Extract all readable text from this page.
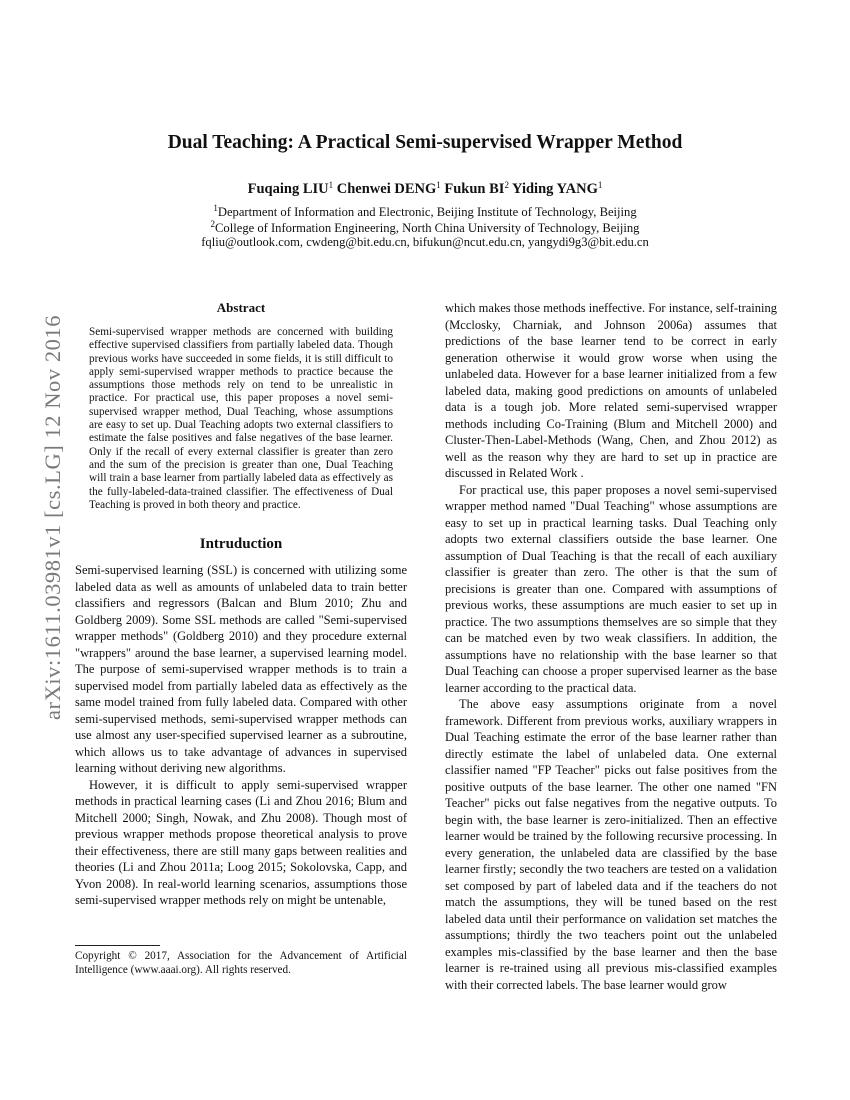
arXiv:1611.03981v1 [cs.LG] 12 Nov 2016
Dual Teaching: A Practical Semi-supervised Wrapper Method
Fuqaing LIU$^1$ Chenwei DENG$^1$ Fukun $BI^2$ Yiding YANG$^1$
$^1$Department of Information and Electronic, Beijing Institute of Technology, Beijing
$^2$College of Information Engineering, North China University of Technology, Beijing
fqliu@outlook.com, cwdeng@bit.edu.cn, bifukun@ncut.edu.cn, yangydi9g3@bit.edu.cn
Abstract

Semi-supervised wrapper methods are concerned with building effective supervised classifiers from partially labeled data. Though previous works have succeeded in some fields, it is still difficult to apply semi-supervised wrapper methods to practice because the assumptions those methods rely on tend to be unrealistic in practice. For practical use, this paper proposes a novel semi-supervised wrapper method, Dual Teaching, whose assumptions are easy to set up. Dual Teaching adopts two external classifiers to estimate the false positives and false negatives of the base learner. Only if the recall of every external classifier is greater than zero and the sum of the precision is greater than one, Dual Teaching will train a base learner from partially labeled data as effectively as the fully-labeled-data-trained classifier. The effectiveness of Dual Teaching is proved in both theory and practice.

Intruduction

Semi-supervised learning (SSL) is concerned with utilizing some labeled data as well as amounts of unlabeled data to train better classifiers and regressors (Balcan and Blum 2010; Zhu and Goldberg 2009). Some SSL methods are called "Semi-supervised wrapper methods" (Goldberg 2010) and they procedure external "wrappers" around the base learner, a supervised learning model. The purpose of semi-supervised wrapper methods is to train a supervised model from partially labeled data as effectively as the same model trained from fully labeled data. Compared with other semi-supervised methods, semi-supervised wrapper methods can use almost any user-specified supervised learner as a subroutine, which allows us to take advantage of advances in supervised learning without deriving new algorithms.

However, it is difficult to apply semi-supervised wrapper methods in practical learning cases (Li and Zhou 2016; Blum and Mitchell 2000; Singh, Nowak, and Zhu 2008). Though most of previous wrapper methods propose theoretical analysis to prove their effectiveness, there are still many gaps between realities and theories (Li and Zhou 2011a; Loog 2015; Sokolovska, Capp, and Yvon 2008). In real-world learning scenarios, assumptions those semi-supervised wrapper methods rely on might be untenable,

which makes those methods ineffective. For instance, self-training (Mcclosky, Charniak, and Johnson 2006a) assumes that predictions of the base learner tend to be correct in early generation otherwise it would grow worse when using the unlabeled data. However for a base learner initialized from a few labeled data, making good predictions on amounts of unlabeled data is a tough job. More related semi-supervised wrapper methods including Co-Training (Blum and Mitchell 2000) and Cluster-Then-Label-Methods (Wang, Chen, and Zhou 2012) as well as the reason why they are hard to set up in practice are discussed in Related Work .

For practical use, this paper proposes a novel semi-supervised wrapper method named "Dual Teaching" whose assumptions are easy to set up in practical learning tasks. Dual Teaching only adopts two external classifiers outside the base learner. One assumption of Dual Teaching is that the recall of each auxiliary classifier is greater than zero. The other is that the sum of precisions is greater than one. Compared with assumptions of previous works, these assumptions are much easier to set up in practice. The two assumptions themselves are so simple that they can be matched even by two weak classifiers. In addition, the assumptions have no relationship with the base learner so that Dual Teaching can choose a proper supervised learner as the base learner according to the practical data.

The above easy assumptions originate from a novel framework. Different from previous works, auxiliary wrappers in Dual Teaching estimate the error of the base learner rather than directly estimate the label of unlabeled data. One external classifier named "FP Teacher" picks out false positives from the positive outputs of the base learner. The other one named "FN Teacher" picks out false negatives from the negative outputs. To begin with, the base learner is zero-initialized. Then an effective learner would be trained by the following recursive processing. In every generation, the unlabeled data are classified by the base learner firstly; secondly the two teachers are tested on a validation set composed by part of labeled data and if the teachers do not match the assumptions, they will be tuned based on the rest labeled data until their performance on validation set matches the assumptions; thirdly the two teachers point out the unlabeled examples mis-classified by the base learner and then the base learner is re-trained using all previous mis-classified examples with their corrected labels. The base learner would grow

Copyright © 2017, Association for the Advancement of Artificial Intelligence (www.aaai.org). All rights reserved.
